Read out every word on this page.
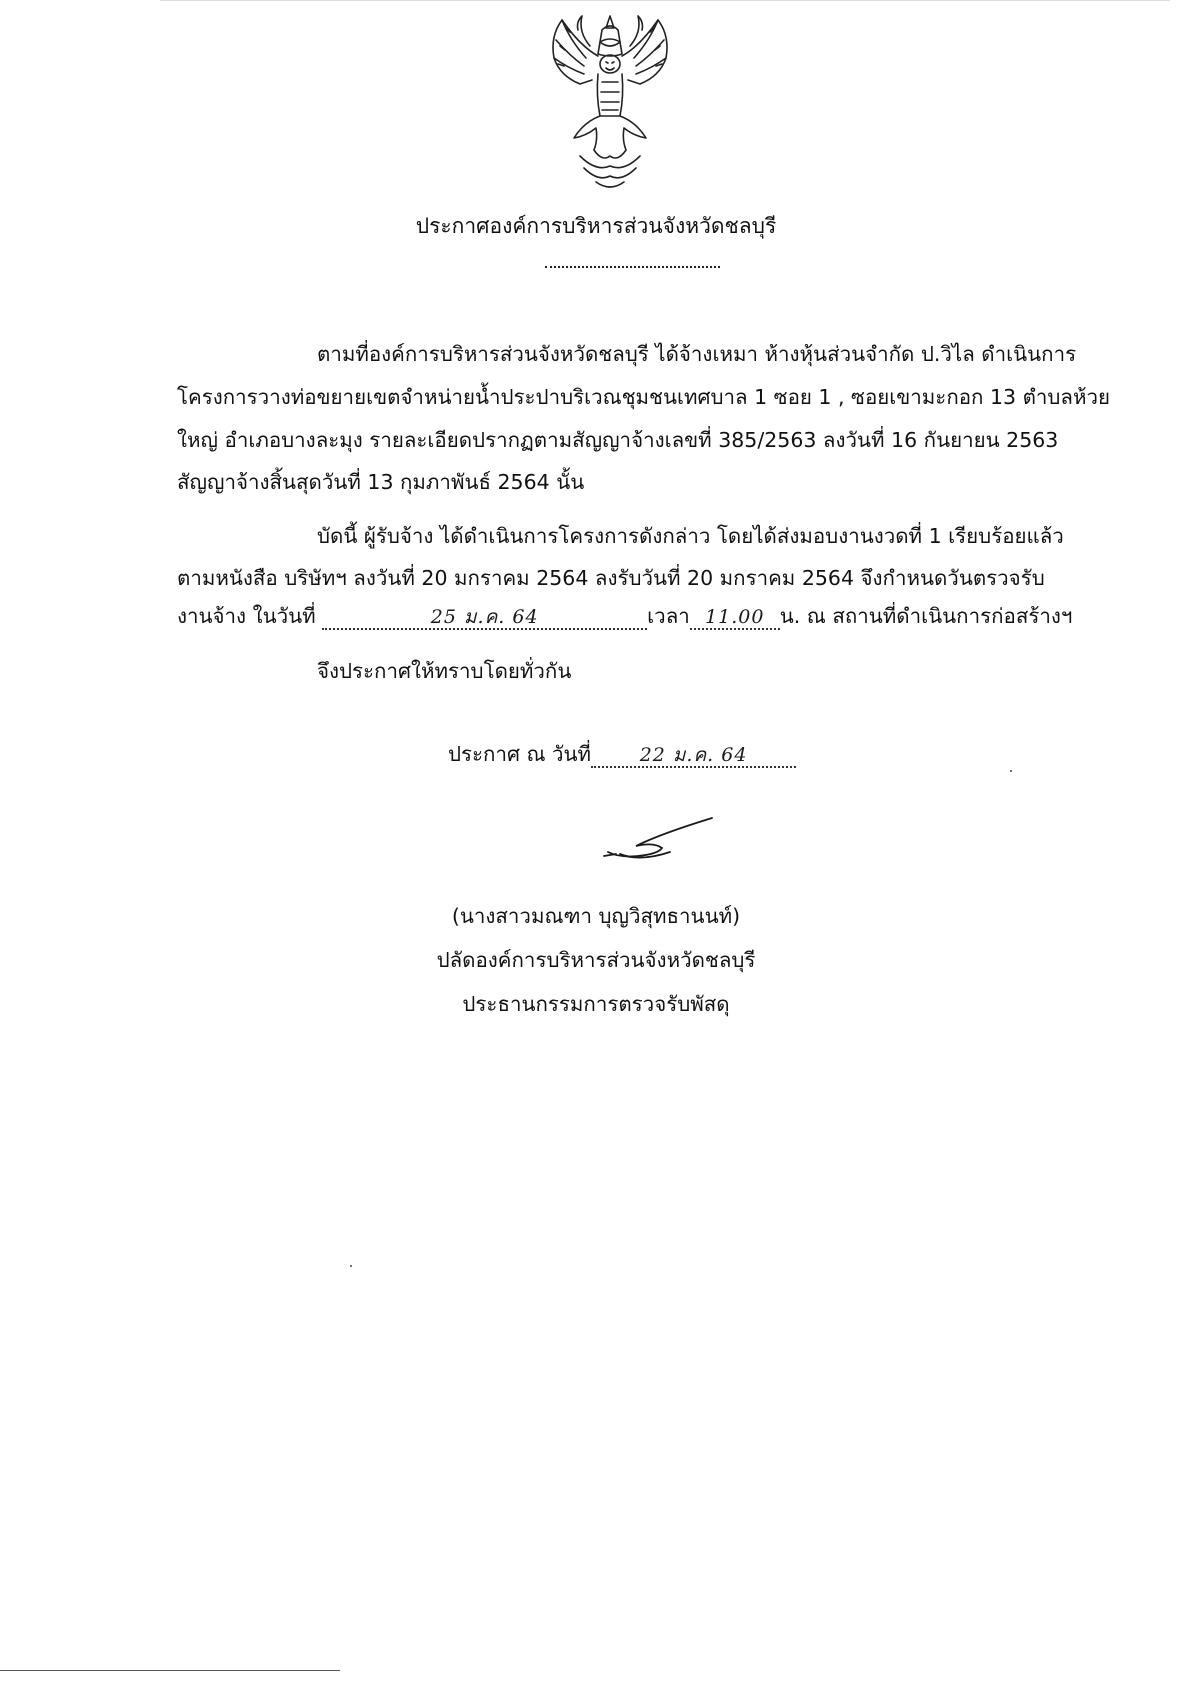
ประกาศองค์การบริหารส่วนจังหวัดชลบุรี
ตามที่องค์การบริหารส่วนจังหวัดชลบุรี ได้จ้างเหมา ห้างหุ้นส่วนจำกัด ป.วิไล ดำเนินการ
โครงการวางท่อขยายเขตจำหน่ายน้ำประปาบริเวณชุมชนเทศบาล 1 ซอย 1 , ซอยเขามะกอก 13 ตำบลห้วย
ใหญ่ อำเภอบางละมุง รายละเอียดปรากฏตามสัญญาจ้างเลขที่ 385/2563 ลงวันที่ 16 กันยายน 2563
สัญญาจ้างสิ้นสุดวันที่ 13 กุมภาพันธ์ 2564 นั้น
บัดนี้ ผู้รับจ้าง ได้ดำเนินการโครงการดังกล่าว โดยได้ส่งมอบงานงวดที่ 1 เรียบร้อยแล้ว
ตามหนังสือ บริษัทฯ ลงวันที่ 20 มกราคม 2564 ลงรับวันที่ 20 มกราคม 2564 จึงกำหนดวันตรวจรับ
งานจ้าง ในวันที่	25 ม.ค. 64	เวลา 11.00 น. ณ สถานที่ดำเนินการก่อสร้างฯ
จึงประกาศให้ทราบโดยทั่วกัน
ประกาศ ณ วันที่	22 ม.ค. 64
(นางสาวมณฑา บุญวิสุทธานนท์)
ปลัดองค์การบริหารส่วนจังหวัดชลบุรี
ประธานกรรมการตรวจรับพัสดุ
